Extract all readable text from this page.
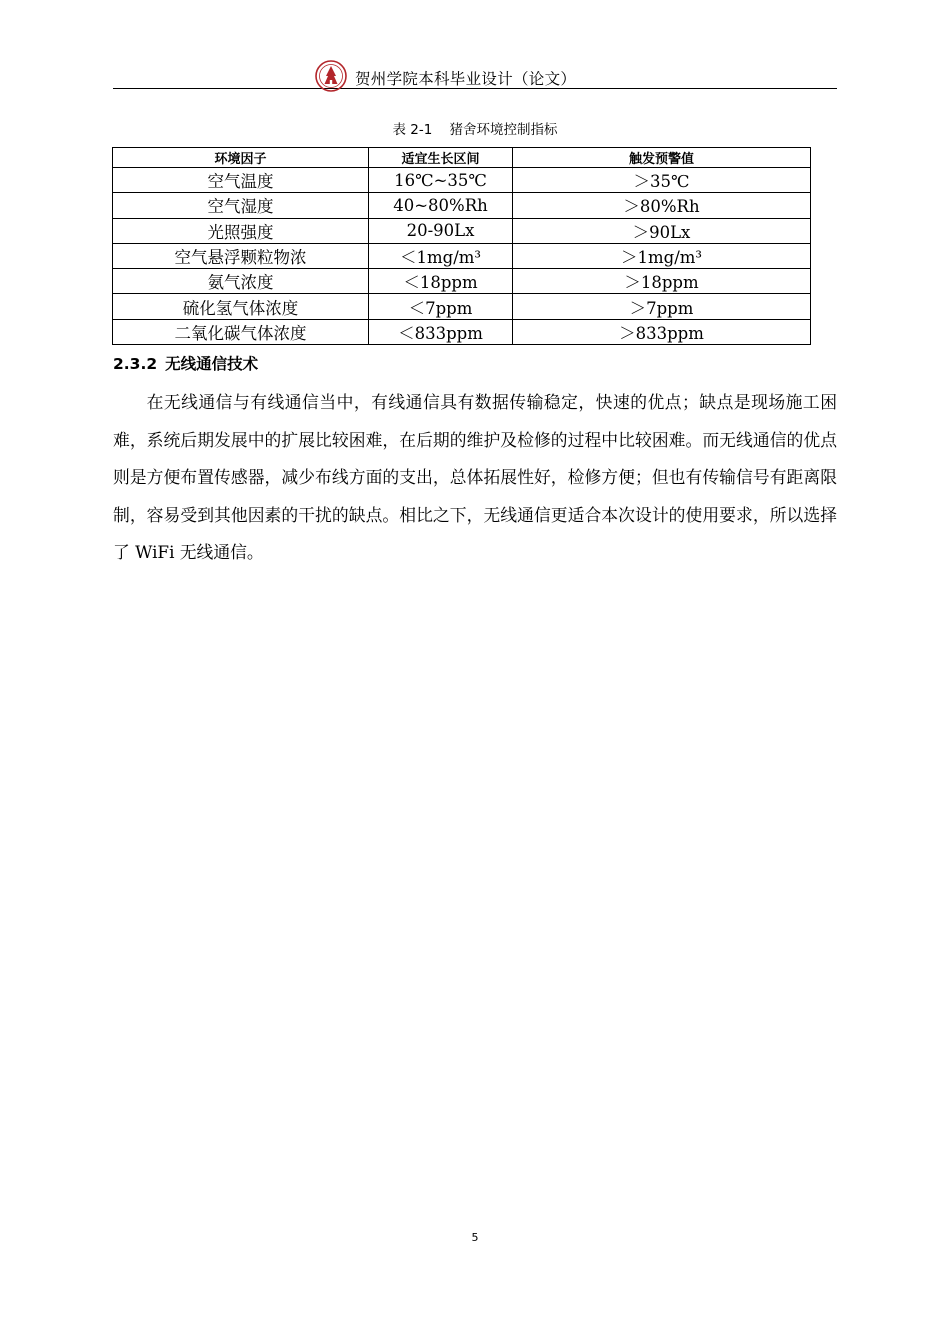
贺州学院本科毕业设计（论文）
表 2-1    猪舍环境控制指标
环境因子	适宜生长区间	触发预警值
空气温度	16℃~35℃	＞35℃
空气湿度	40~80%Rh	＞80%Rh
光照强度	20-90Lx	＞90Lx
空气悬浮颗粒物浓	＜1mg/m³	＞1mg/m³
氨气浓度	＜18ppm	＞18ppm
硫化氢气体浓度	＜7ppm	＞7ppm
二氧化碳气体浓度	＜833ppm	＞833ppm
2.3.2 无线通信技术

在无线通信与有线通信当中，有线通信具有数据传输稳定，快速的优点；缺点是现场施工困难，系统后期发展中的扩展比较困难，在后期的维护及检修的过程中比较困难。而无线通信的优点则是方便布置传感器，减少布线方面的支出，总体拓展性好，检修方便；但也有传输信号有距离限制，容易受到其他因素的干扰的缺点。相比之下，无线通信更适合本次设计的使用要求，所以选择了 WiFi 无线通信。

5
